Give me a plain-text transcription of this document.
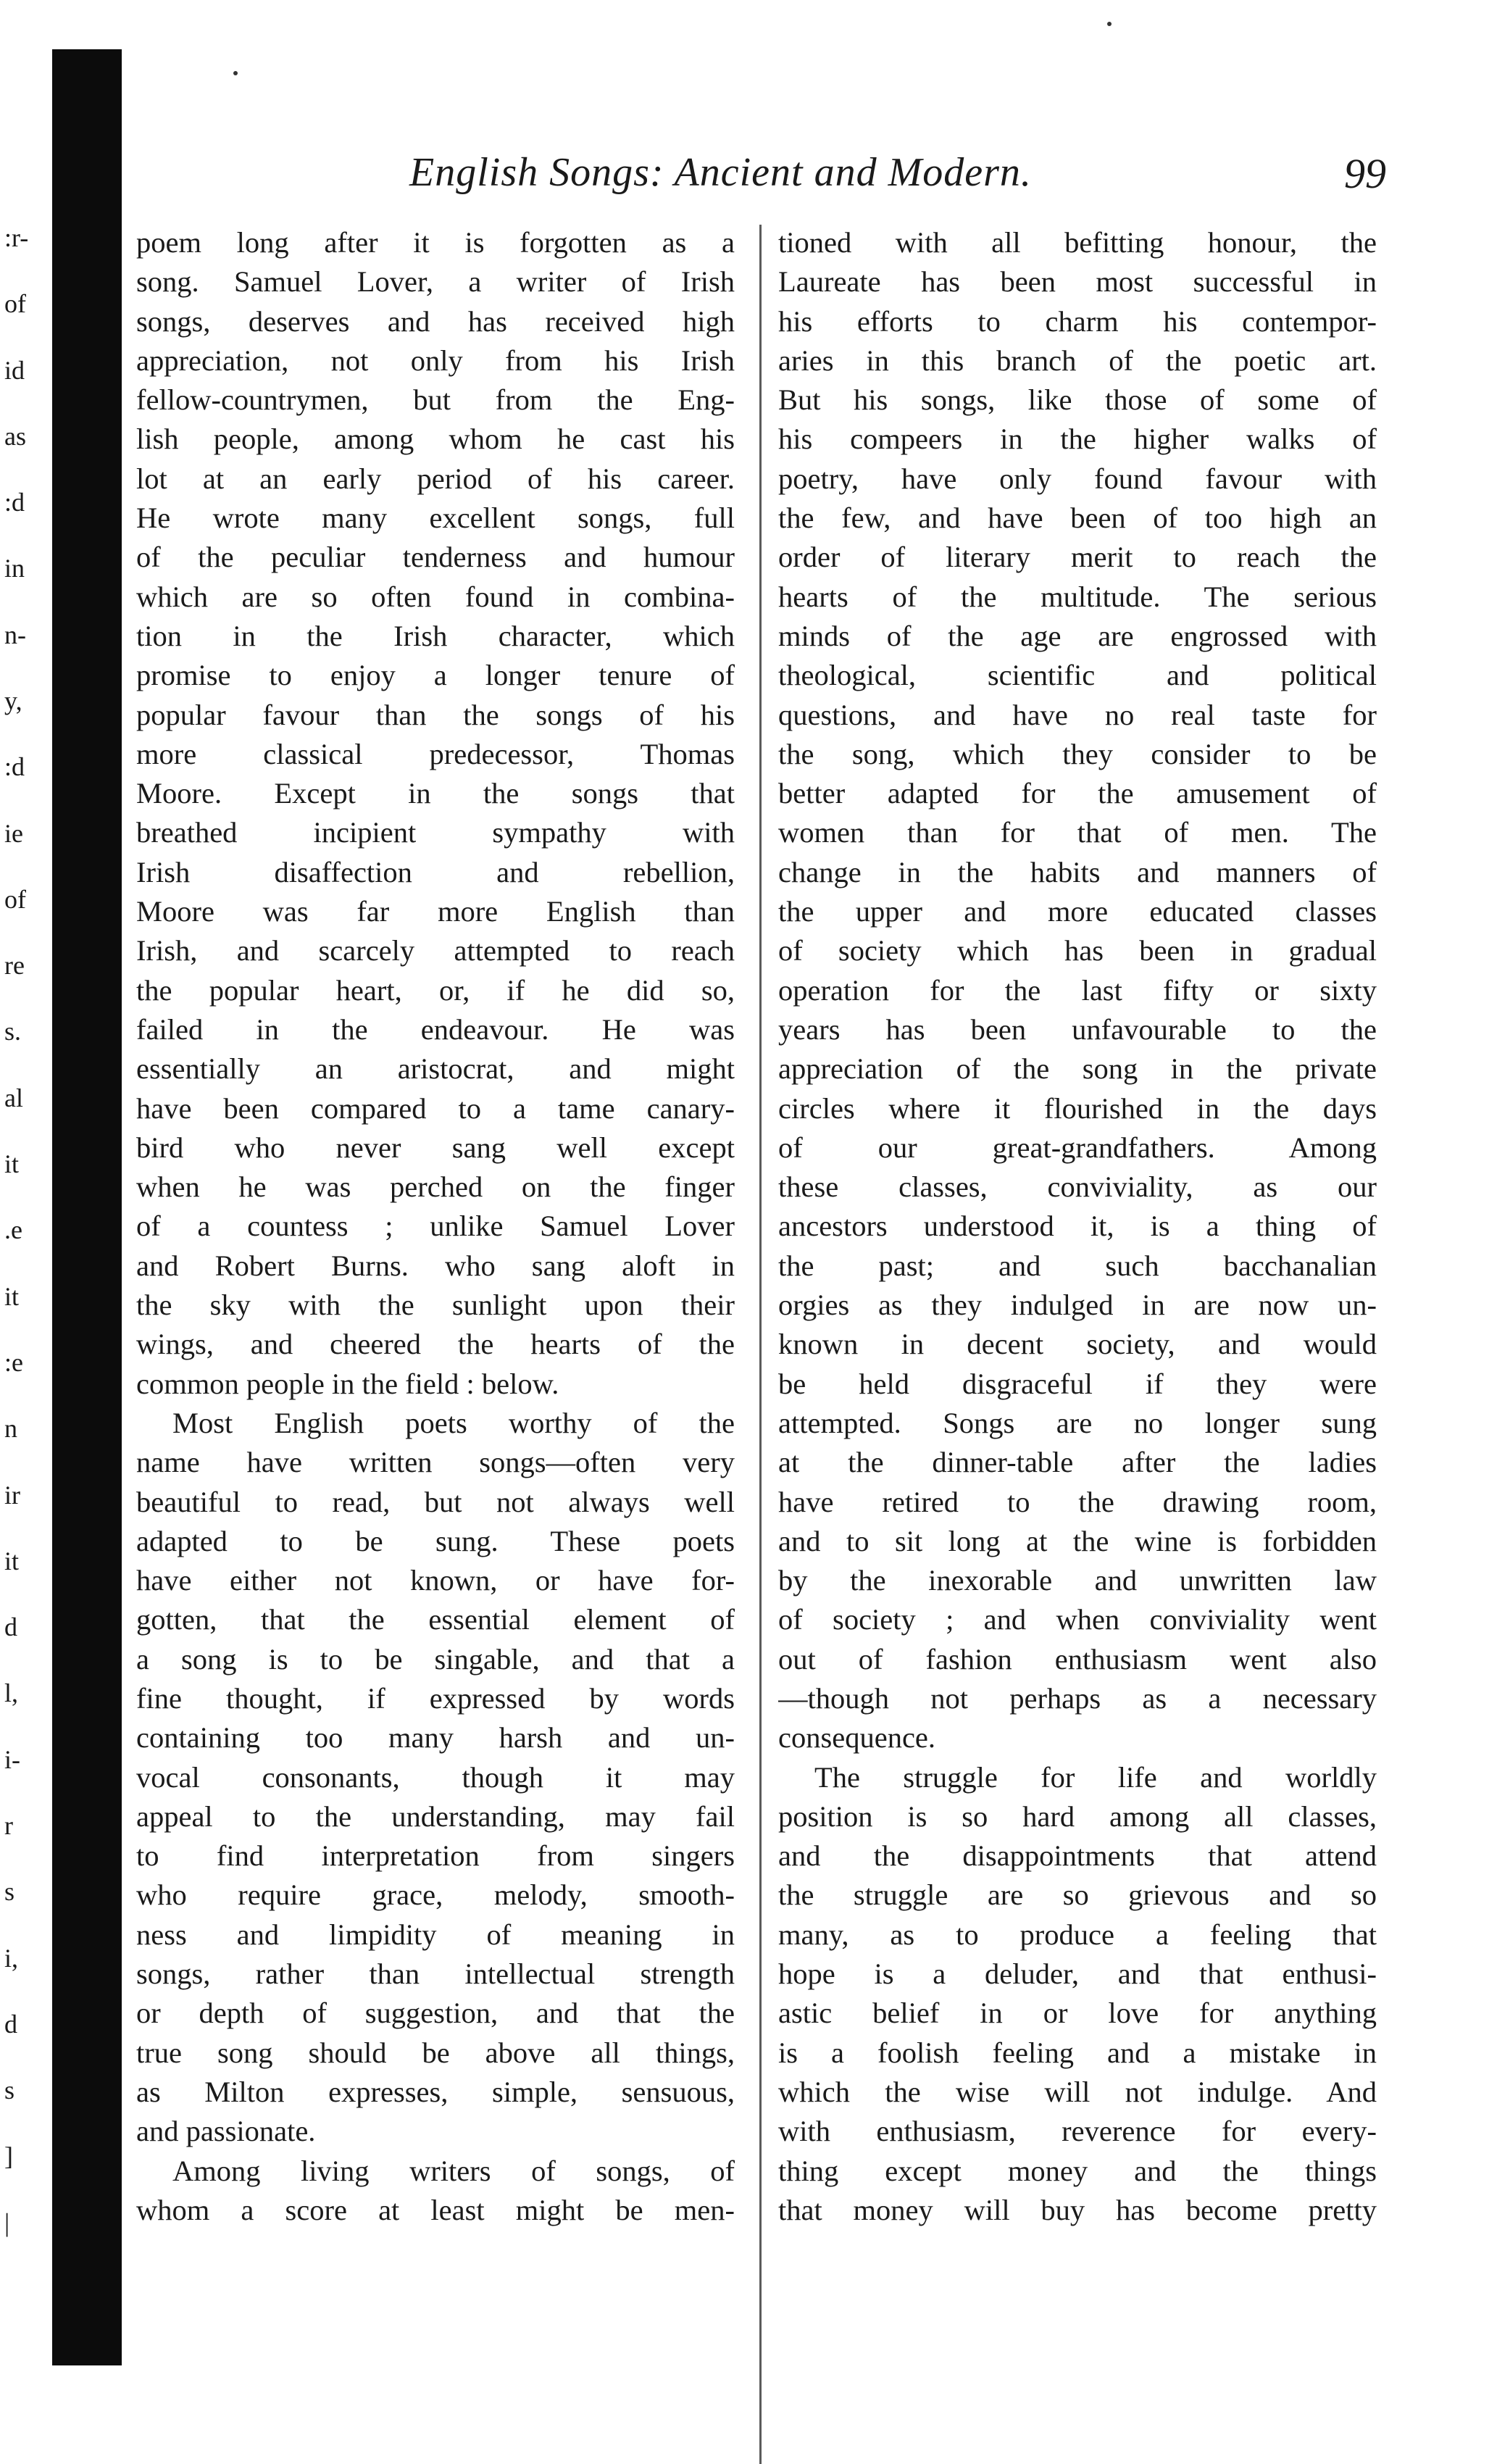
:r-
of
id
as
:d
in
n-
y,
:d
ie
of
re
s.
al
it
.e
it
:e
n
ir
it
d
l,
i-
r
s
i,
d
s
]
|
English Songs: Ancient and Modern.	99
poem long after it is forgotten as a
song. Samuel Lover, a writer of Irish
songs, deserves and has received high
appreciation, not only from his Irish
fellow-countrymen, but from the Eng-
lish people, among whom he cast his
lot at an early period of his career.
He wrote many excellent songs, full
of the peculiar tenderness and humour
which are so often found in combina-
tion in the Irish character, which
promise to enjoy a longer tenure of
popular favour than the songs of his
more classical predecessor, Thomas
Moore. Except in the songs that
breathed incipient sympathy with
Irish disaffection and rebellion,
Moore was far more English than
Irish, and scarcely attempted to reach
the popular heart, or, if he did so,
failed in the endeavour. He was
essentially an aristocrat, and might
have been compared to a tame canary-
bird who never sang well except
when he was perched on the finger
of a countess ; unlike Samuel Lover
and Robert Burns. who sang aloft in
the sky with the sunlight upon their
wings, and cheered the hearts of the
common people in the field : below.
Most English poets worthy of the
name have written songs—often very
beautiful to read, but not always well
adapted to be sung. These poets
have either not known, or have for-
gotten, that the essential element of
a song is to be singable, and that a
fine thought, if expressed by words
containing too many harsh and un-
vocal consonants, though it may
appeal to the understanding, may fail
to find interpretation from singers
who require grace, melody, smooth-
ness and limpidity of meaning in
songs, rather than intellectual strength
or depth of suggestion, and that the
true song should be above all things,
as Milton expresses, simple, sensuous,
and passionate.
Among living writers of songs, of
whom a score at least might be men-
tioned with all befitting honour, the
Laureate has been most successful in
his efforts to charm his contempor-
aries in this branch of the poetic art.
But his songs, like those of some of
his compeers in the higher walks of
poetry, have only found favour with
the few, and have been of too high an
order of literary merit to reach the
hearts of the multitude. The serious
minds of the age are engrossed with
theological, scientific and political
questions, and have no real taste for
the song, which they consider to be
better adapted for the amusement of
women than for that of men. The
change in the habits and manners of
the upper and more educated classes
of society which has been in gradual
operation for the last fifty or sixty
years has been unfavourable to the
appreciation of the song in the private
circles where it flourished in the days
of our great-grandfathers. Among
these classes, conviviality, as our
ancestors understood it, is a thing of
the past; and such bacchanalian
orgies as they indulged in are now un-
known in decent society, and would
be held disgraceful if they were
attempted. Songs are no longer sung
at the dinner-table after the ladies
have retired to the drawing room,
and to sit long at the wine is forbidden
by the inexorable and unwritten law
of society ; and when conviviality went
out of fashion enthusiasm went also
—though not perhaps as a necessary
consequence.
The struggle for life and worldly
position is so hard among all classes,
and the disappointments that attend
the struggle are so grievous and so
many, as to produce a feeling that
hope is a deluder, and that enthusi-
astic belief in or love for anything
is a foolish feeling and a mistake in
which the wise will not indulge. And
with enthusiasm, reverence for every-
thing except money and the things
that money will buy has become pretty
